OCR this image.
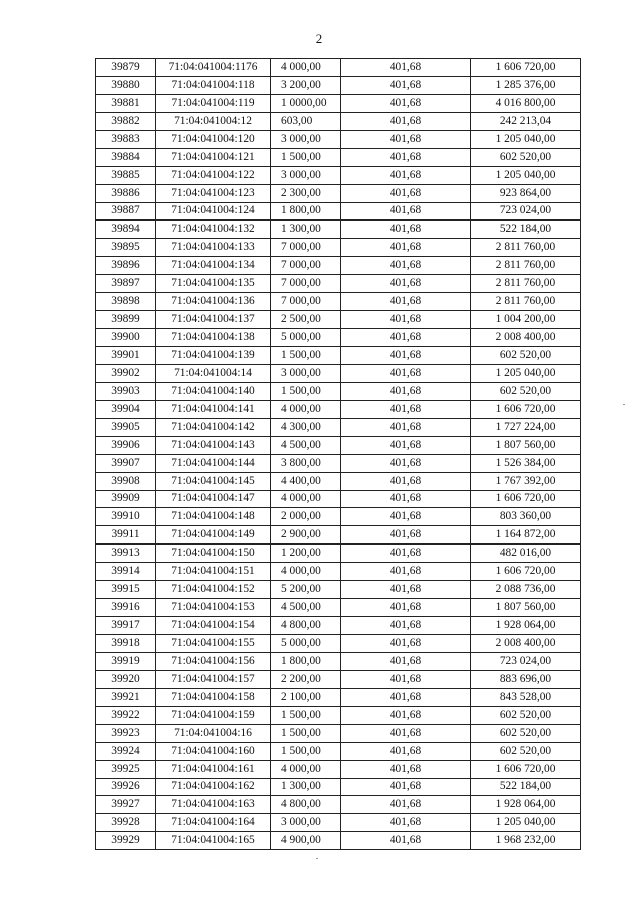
2
39879	71:04:041004:1176	4 000,00	401,68	1 606 720,00
39880	71:04:041004:118	3 200,00	401,68	1 285 376,00
39881	71:04:041004:119	1 0000,00	401,68	4 016 800,00
39882	71:04:041004:12	603,00	401,68	242 213,04
39883	71:04:041004:120	3 000,00	401,68	1 205 040,00
39884	71:04:041004:121	1 500,00	401,68	602 520,00
39885	71:04:041004:122	3 000,00	401,68	1 205 040,00
39886	71:04:041004:123	2 300,00	401,68	923 864,00
39887	71:04:041004:124	1 800,00	401,68	723 024,00
39894	71:04:041004:132	1 300,00	401,68	522 184,00
39895	71:04:041004:133	7 000,00	401,68	2 811 760,00
39896	71:04:041004:134	7 000,00	401,68	2 811 760,00
39897	71:04:041004:135	7 000,00	401,68	2 811 760,00
39898	71:04:041004:136	7 000,00	401,68	2 811 760,00
39899	71:04:041004:137	2 500,00	401,68	1 004 200,00
39900	71:04:041004:138	5 000,00	401,68	2 008 400,00
39901	71:04:041004:139	1 500,00	401,68	602 520,00
39902	71:04:041004:14	3 000,00	401,68	1 205 040,00
39903	71:04:041004:140	1 500,00	401,68	602 520,00
39904	71:04:041004:141	4 000,00	401,68	1 606 720,00
39905	71:04:041004:142	4 300,00	401,68	1 727 224,00
39906	71:04:041004:143	4 500,00	401,68	1 807 560,00
39907	71:04:041004:144	3 800,00	401,68	1 526 384,00
39908	71:04:041004:145	4 400,00	401,68	1 767 392,00
39909	71:04:041004:147	4 000,00	401,68	1 606 720,00
39910	71:04:041004:148	2 000,00	401,68	803 360,00
39911	71:04:041004:149	2 900,00	401,68	1 164 872,00
39913	71:04:041004:150	1 200,00	401,68	482 016,00
39914	71:04:041004:151	4 000,00	401,68	1 606 720,00
39915	71:04:041004:152	5 200,00	401,68	2 088 736,00
39916	71:04:041004:153	4 500,00	401,68	1 807 560,00
39917	71:04:041004:154	4 800,00	401,68	1 928 064,00
39918	71:04:041004:155	5 000,00	401,68	2 008 400,00
39919	71:04:041004:156	1 800,00	401,68	723 024,00
39920	71:04:041004:157	2 200,00	401,68	883 696,00
39921	71:04:041004:158	2 100,00	401,68	843 528,00
39922	71:04:041004:159	1 500,00	401,68	602 520,00
39923	71:04:041004:16	1 500,00	401,68	602 520,00
39924	71:04:041004:160	1 500,00	401,68	602 520,00
39925	71:04:041004:161	4 000,00	401,68	1 606 720,00
39926	71:04:041004:162	1 300,00	401,68	522 184,00
39927	71:04:041004:163	4 800,00	401,68	1 928 064,00
39928	71:04:041004:164	3 000,00	401,68	1 205 040,00
39929	71:04:041004:165	4 900,00	401,68	1 968 232,00
